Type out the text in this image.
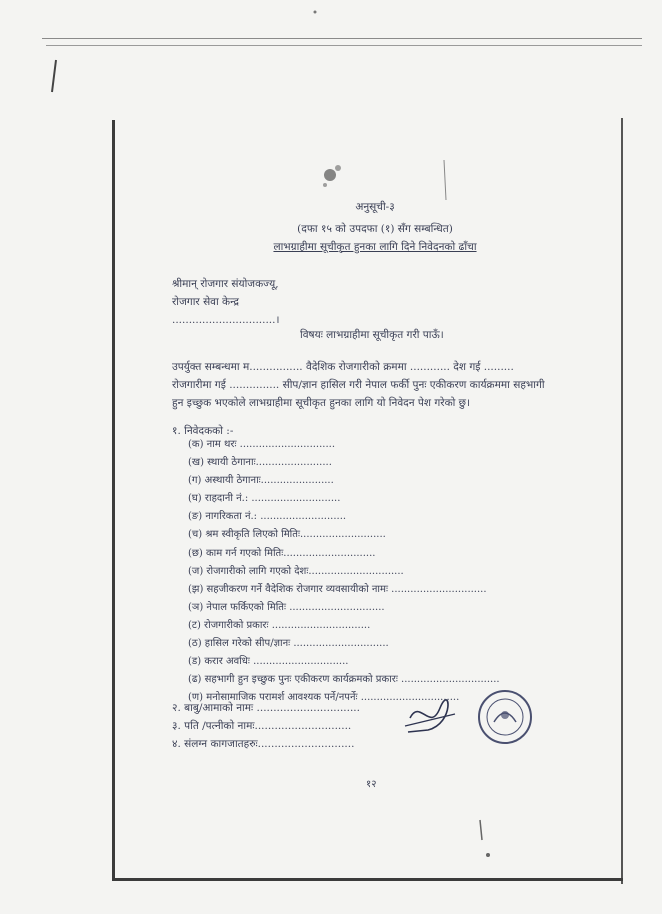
अनुसूची-३
(दफा १५ को उपदफा (१) सँग सम्बन्धित)
लाभग्राहीमा सूचीकृत हुनका लागि दिने निवेदनको ढाँचा
श्रीमान् रोजगार संयोजकज्यू,
रोजगार सेवा केन्द्र
...............................।
विषयः लाभग्राहीमा सूचीकृत गरी पाऊँ।
उपर्युक्त सम्बन्धमा म................ वैदेशिक रोजगारीको क्रममा ............ देश गई .........
रोजगारीमा गई ............... सीप/ज्ञान हासिल गरी नेपाल फर्की पुनः एकीकरण कार्यक्रममा सहभागी
हुन इच्छुक भएकोले लाभग्राहीमा सूचीकृत हुनका लागि यो निवेदन पेश गरेको छु।
१. निवेदकको :-
(क) नाम थरः ..............................
(ख) स्थायी ठेगानाः........................
(ग) अस्थायी ठेगानाः.......................
(घ) राहदानी नं.: ............................
(ङ) नागरिकता नं.: ...........................
(च) श्रम स्वीकृति लिएको मितिः...........................
(छ) काम गर्न गएको मितिः.............................
(ज) रोजगारीको लागि गएको देशः..............................
(झ) सहजीकरण गर्ने वैदेशिक रोजगार व्यवसायीको नामः ..............................
(ञ) नेपाल फर्किएको मितिः ..............................
(ट) रोजगारीको प्रकारः ...............................
(ठ) हासिल गरेको सीप/ज्ञानः ..............................
(ड) करार अवधिः ..............................
(ढ) सहभागी हुन इच्छुक पुनः एकीकरण कार्यक्रमको प्रकारः ...............................
(ण) मनोसामाजिक परामर्श आवश्यक पर्ने/नपर्नेः ...............................
२. बाबु/आमाको नामः ...............................
३. पति /पत्नीको नामः.............................
४. संलग्न कागजातहरुः.............................
१२
